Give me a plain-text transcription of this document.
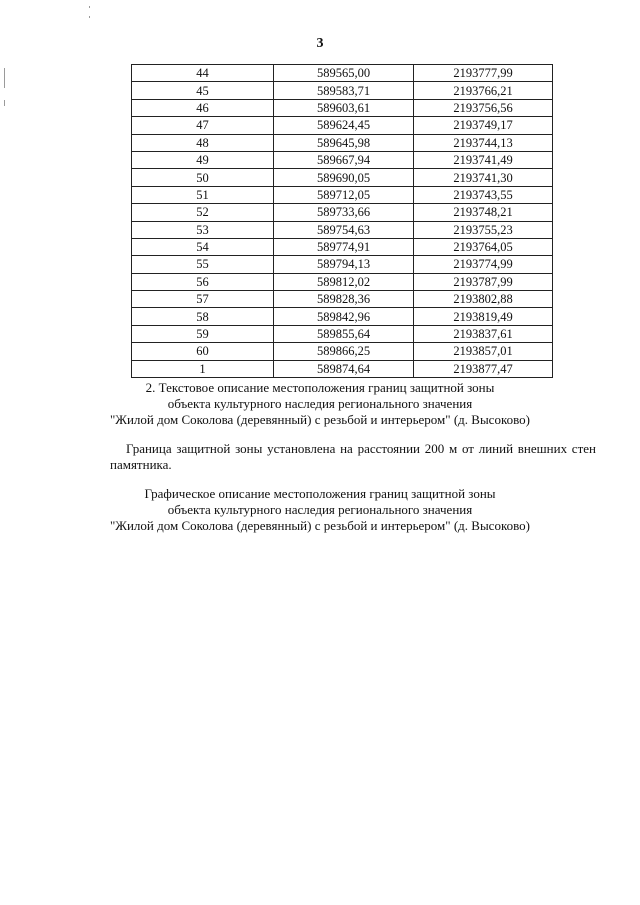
3
44	589565,00	2193777,99
45	589583,71	2193766,21
46	589603,61	2193756,56
47	589624,45	2193749,17
48	589645,98	2193744,13
49	589667,94	2193741,49
50	589690,05	2193741,30
51	589712,05	2193743,55
52	589733,66	2193748,21
53	589754,63	2193755,23
54	589774,91	2193764,05
55	589794,13	2193774,99
56	589812,02	2193787,99
57	589828,36	2193802,88
58	589842,96	2193819,49
59	589855,64	2193837,61
60	589866,25	2193857,01
1	589874,64	2193877,47
2. Текстовое описание местоположения границ защитной зоны
объекта культурного наследия регионального значения
"Жилой дом Соколова (деревянный) с резьбой и интерьером" (д. Высоково)
Граница защитной зоны установлена на расстоянии 200 м от линий внешних стен памятника.
Графическое описание местоположения границ защитной зоны
объекта культурного наследия регионального значения
"Жилой дом Соколова (деревянный) с резьбой и интерьером" (д. Высоково)
